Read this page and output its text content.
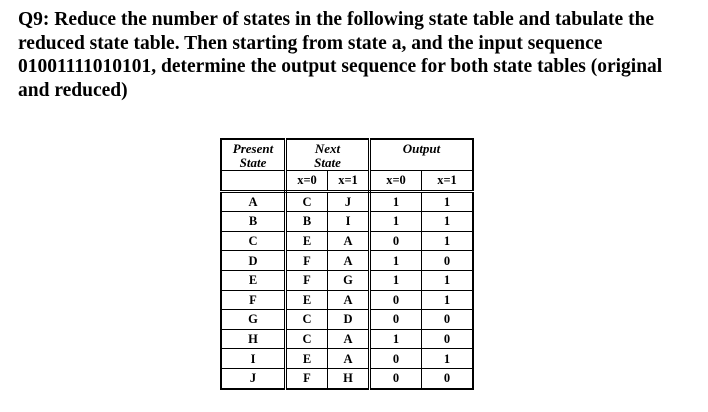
Q9: Reduce the number of states in the following state table and tabulate the reduced state table. Then starting from state a, and the input sequence 01001111010101, determine the output sequence for both state tables (original and reduced)

Present
State	Next
State		Output	

	x=0	x=1	x=0	x=1
A	C	J	1	1
B	B	I	1	1
C	E	A	0	1
D	F	A	1	0
E	F	G	1	1
F	E	A	0	1
G	C	D	0	0
H	C	A	1	0
I	E	A	0	1
J	F	H	0	0
